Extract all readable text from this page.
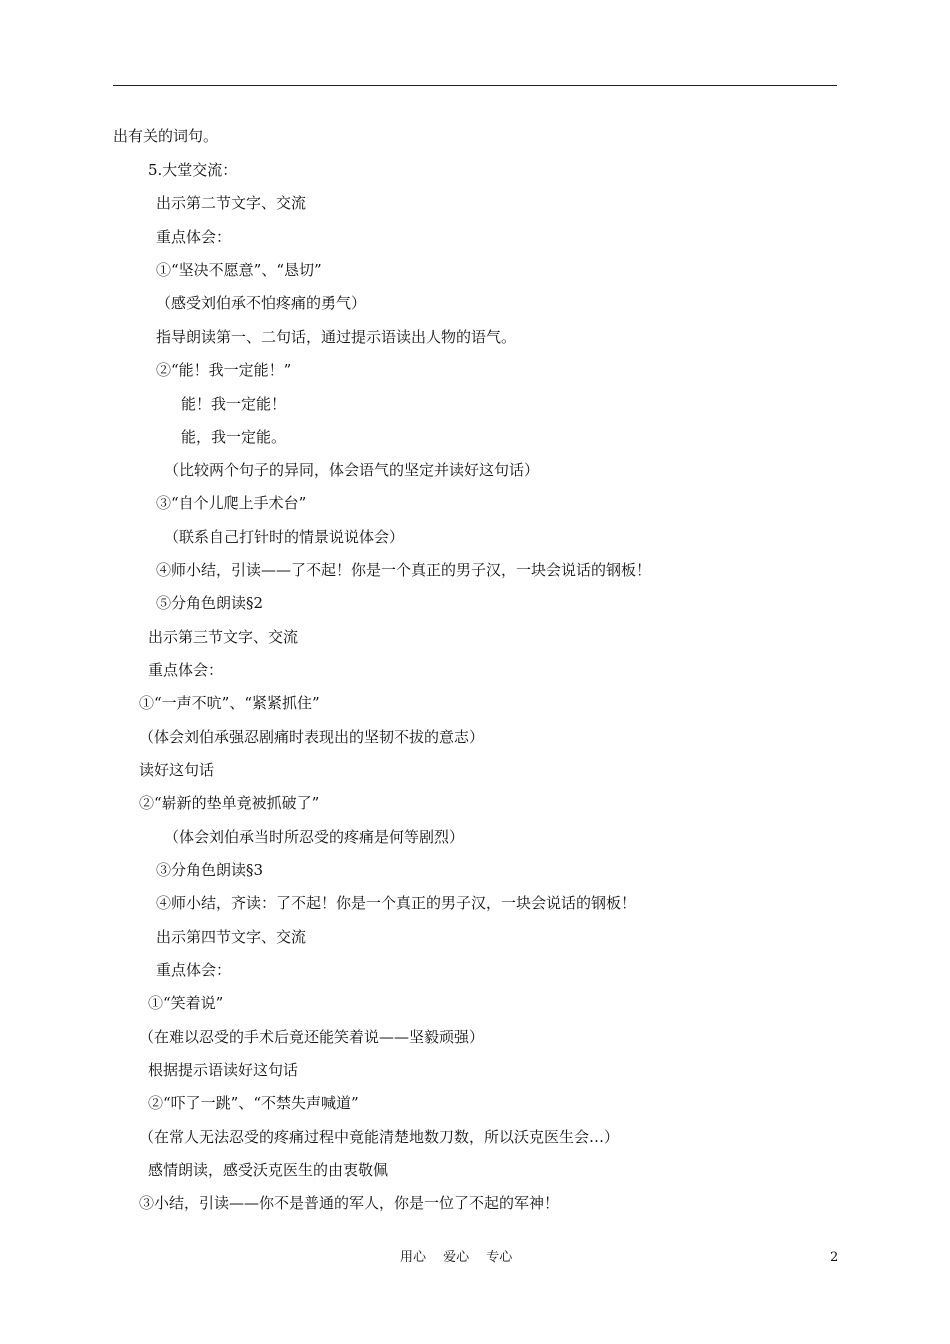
出有关的词句。
5.大堂交流：
出示第二节文字、交流
重点体会：
①“坚决不愿意”、“恳切”
（感受刘伯承不怕疼痛的勇气）
指导朗读第一、二句话，通过提示语读出人物的语气。
②“能！我一定能！”
能！我一定能！
能，我一定能。
（比较两个句子的异同，体会语气的坚定并读好这句话）
③“自个儿爬上手术台”
（联系自己打针时的情景说说体会）
④师小结，引读——了不起！你是一个真正的男子汉，一块会说话的钢板！
⑤分角色朗读§2
出示第三节文字、交流
重点体会：
①“一声不吭”、“紧紧抓住”
（体会刘伯承强忍剧痛时表现出的坚韧不拔的意志）
读好这句话
②“崭新的垫单竟被抓破了”
（体会刘伯承当时所忍受的疼痛是何等剧烈）
③分角色朗读§3
④师小结，齐读：了不起！你是一个真正的男子汉，一块会说话的钢板！
出示第四节文字、交流
重点体会：
①“笑着说”
（在难以忍受的手术后竟还能笑着说——坚毅顽强）
根据提示语读好这句话
②“吓了一跳”、“不禁失声喊道”
（在常人无法忍受的疼痛过程中竟能清楚地数刀数，所以沃克医生会…）
感情朗读，感受沃克医生的由衷敬佩
③小结，引读——你不是普通的军人，你是一位了不起的军神！
用心　 爱心　 专心	2
